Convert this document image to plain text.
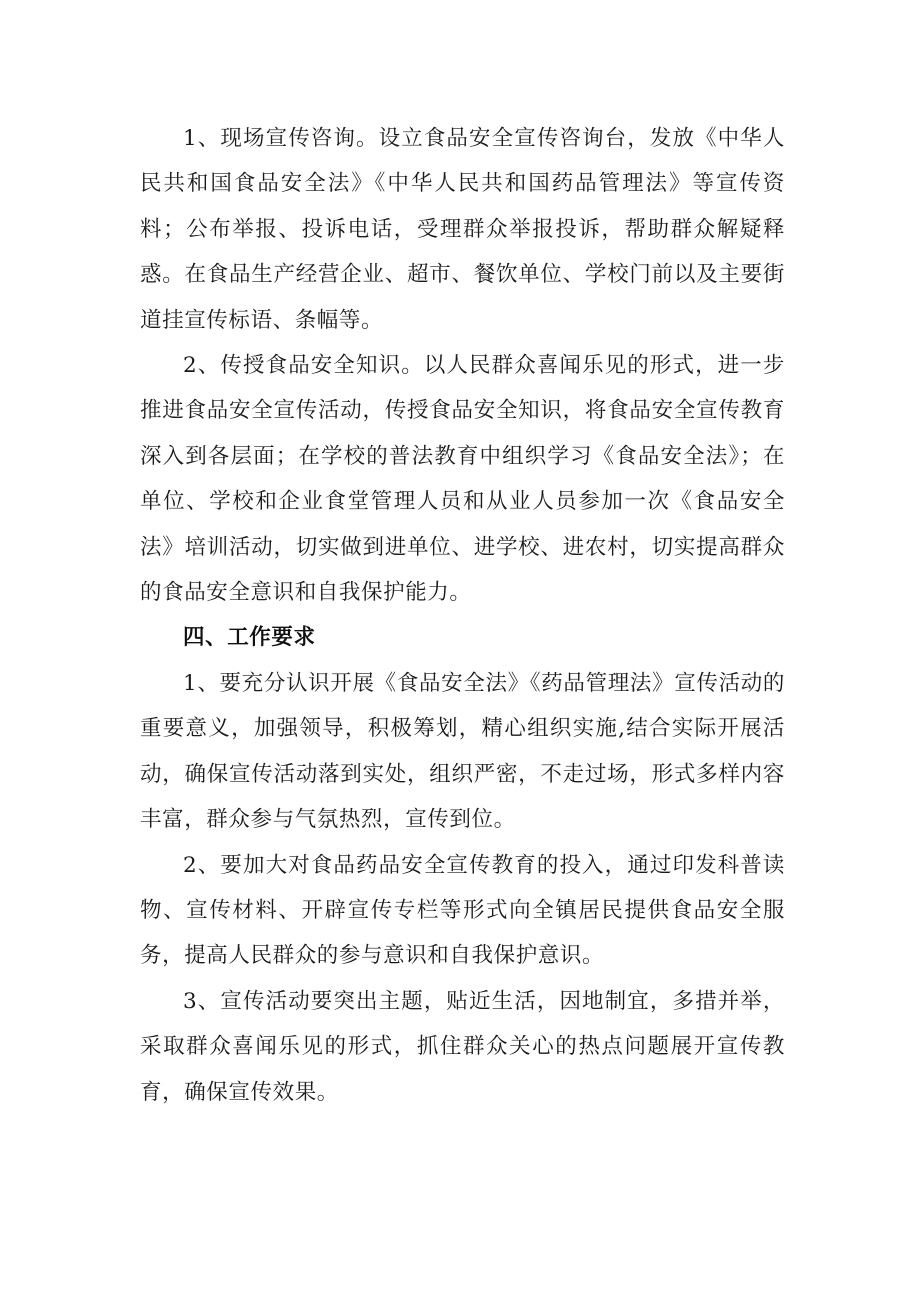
1、现场宣传咨询。设立食品安全宣传咨询台，发放《中华人民共和国食品安全法》《中华人民共和国药品管理法》等宣传资料；公布举报、投诉电话，受理群众举报投诉，帮助群众解疑释惑。在食品生产经营企业、超市、餐饮单位、学校门前以及主要街道挂宣传标语、条幅等。

2、传授食品安全知识。以人民群众喜闻乐见的形式，进一步推进食品安全宣传活动，传授食品安全知识，将食品安全宣传教育深入到各层面；在学校的普法教育中组织学习《食品安全法》；在单位、学校和企业食堂管理人员和从业人员参加一次《食品安全法》培训活动，切实做到进单位、进学校、进农村，切实提高群众的食品安全意识和自我保护能力。

四、工作要求

1、要充分认识开展《食品安全法》《药品管理法》宣传活动的重要意义，加强领导，积极筹划，精心组织实施,结合实际开展活动，确保宣传活动落到实处，组织严密，不走过场，形式多样内容丰富，群众参与气氛热烈，宣传到位。

2、要加大对食品药品安全宣传教育的投入，通过印发科普读物、宣传材料、开辟宣传专栏等形式向全镇居民提供食品安全服务，提高人民群众的参与意识和自我保护意识。

3、宣传活动要突出主题，贴近生活，因地制宜，多措并举，采取群众喜闻乐见的形式，抓住群众关心的热点问题展开宣传教育，确保宣传效果。
